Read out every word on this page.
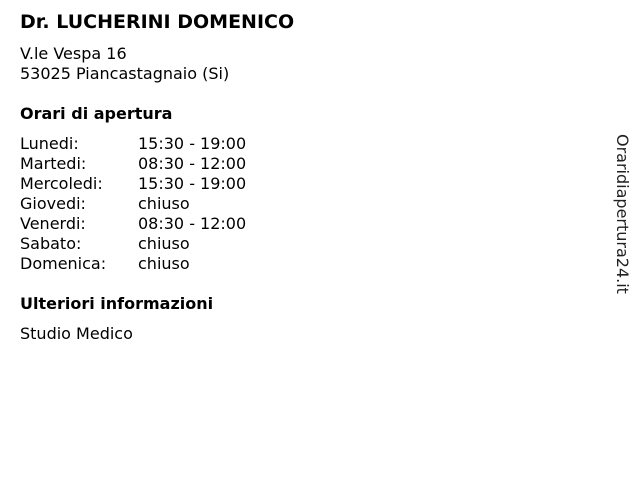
Dr. LUCHERINI DOMENICO
V.le Vespa 16
53025 Piancastagnaio (Si)
Orari di apertura
Lunedi:	15:30 - 19:00
Martedi:	08:30 - 12:00
Mercoledi:	15:30 - 19:00
Giovedi:	chiuso
Venerdi:	08:30 - 12:00
Sabato:	chiuso
Domenica:	chiuso
Ulteriori informazioni
Studio Medico
Oraridiapertura24.it
